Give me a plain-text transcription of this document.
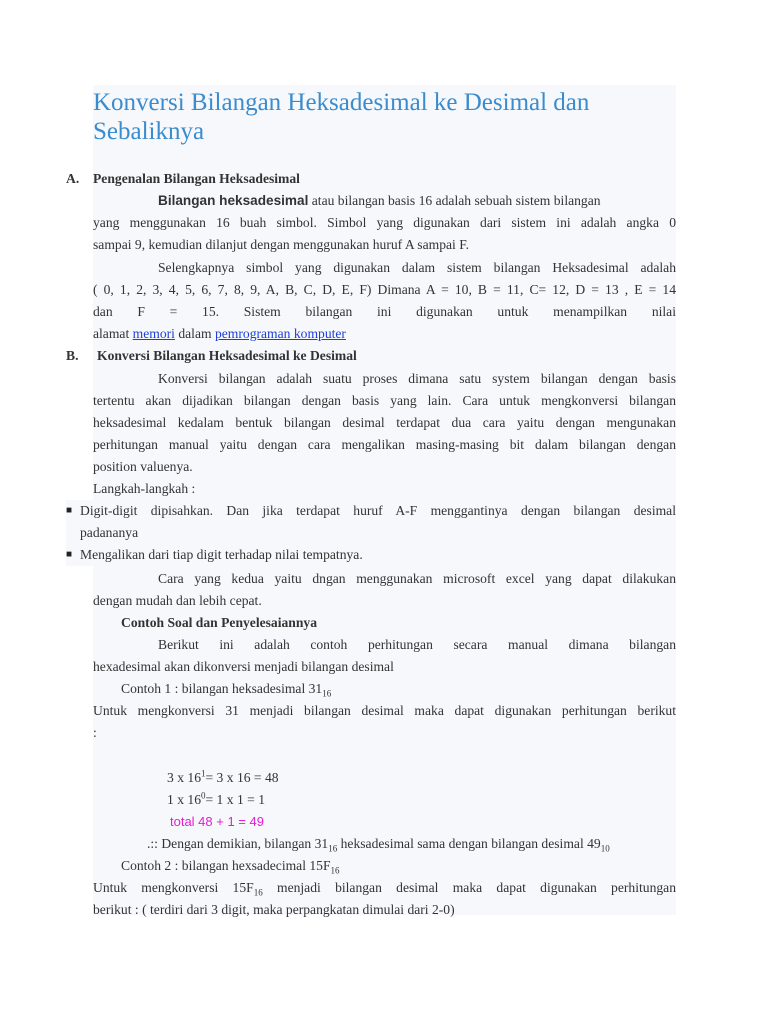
Konversi Bilangan Heksadesimal ke Desimal dan Sebaliknya
A. Pengenalan Bilangan Heksadesimal
Bilangan heksadesimal atau bilangan basis 16 adalah sebuah sistem bilangan
yang menggunakan 16 buah simbol. Simbol yang digunakan dari sistem ini adalah angka 0
sampai 9, kemudian dilanjut dengan menggunakan huruf A sampai F.
Selengkapnya simbol yang digunakan dalam sistem bilangan Heksadesimal adalah
( 0, 1, 2, 3, 4, 5, 6, 7, 8, 9, A, B, C, D, E, F) Dimana A = 10, B = 11, C= 12, D = 13 , E = 14
dan F = 15. Sistem bilangan ini digunakan untuk menampilkan nilai
alamat memori dalam pemrograman komputer
B. Konversi Bilangan Heksadesimal ke Desimal
Konversi bilangan adalah suatu proses dimana satu system bilangan dengan basis
tertentu akan dijadikan bilangan dengan basis yang lain. Cara untuk mengkonversi bilangan
heksadesimal kedalam bentuk bilangan desimal terdapat dua cara yaitu dengan mengunakan
perhitungan manual yaitu dengan cara mengalikan masing-masing bit dalam bilangan dengan
position valuenya.
Langkah-langkah :
■ Digit-digit dipisahkan. Dan jika terdapat huruf A-F menggantinya dengan bilangan desimal
padananya
■ Mengalikan dari tiap digit terhadap nilai tempatnya.
Cara yang kedua yaitu dngan menggunakan microsoft excel yang dapat dilakukan
dengan mudah dan lebih cepat.
Contoh Soal dan Penyelesaiannya
Berikut ini adalah contoh perhitungan secara manual dimana bilangan
hexadesimal akan dikonversi menjadi bilangan desimal
Contoh 1 : bilangan heksadesimal $31_{16}$
Untuk mengkonversi 31 menjadi bilangan desimal maka dapat digunakan perhitungan berikut
:
3 x $16^1= 3$ x 16 = 48
1 x $16^0= 1$ x 1 = 1
total 48 + 1 = 49
.:: Dengan demikian, bilangan $31_{16}$ heksadesimal sama dengan bilangan desimal $49_{10}$
Contoh 2 : bilangan hexsadecimal $15F_{16}$
Untuk mengkonversi $15F_{16}$ menjadi bilangan desimal maka dapat digunakan perhitungan
berikut : ( terdiri dari 3 digit, maka perpangkatan dimulai dari 2-0)
